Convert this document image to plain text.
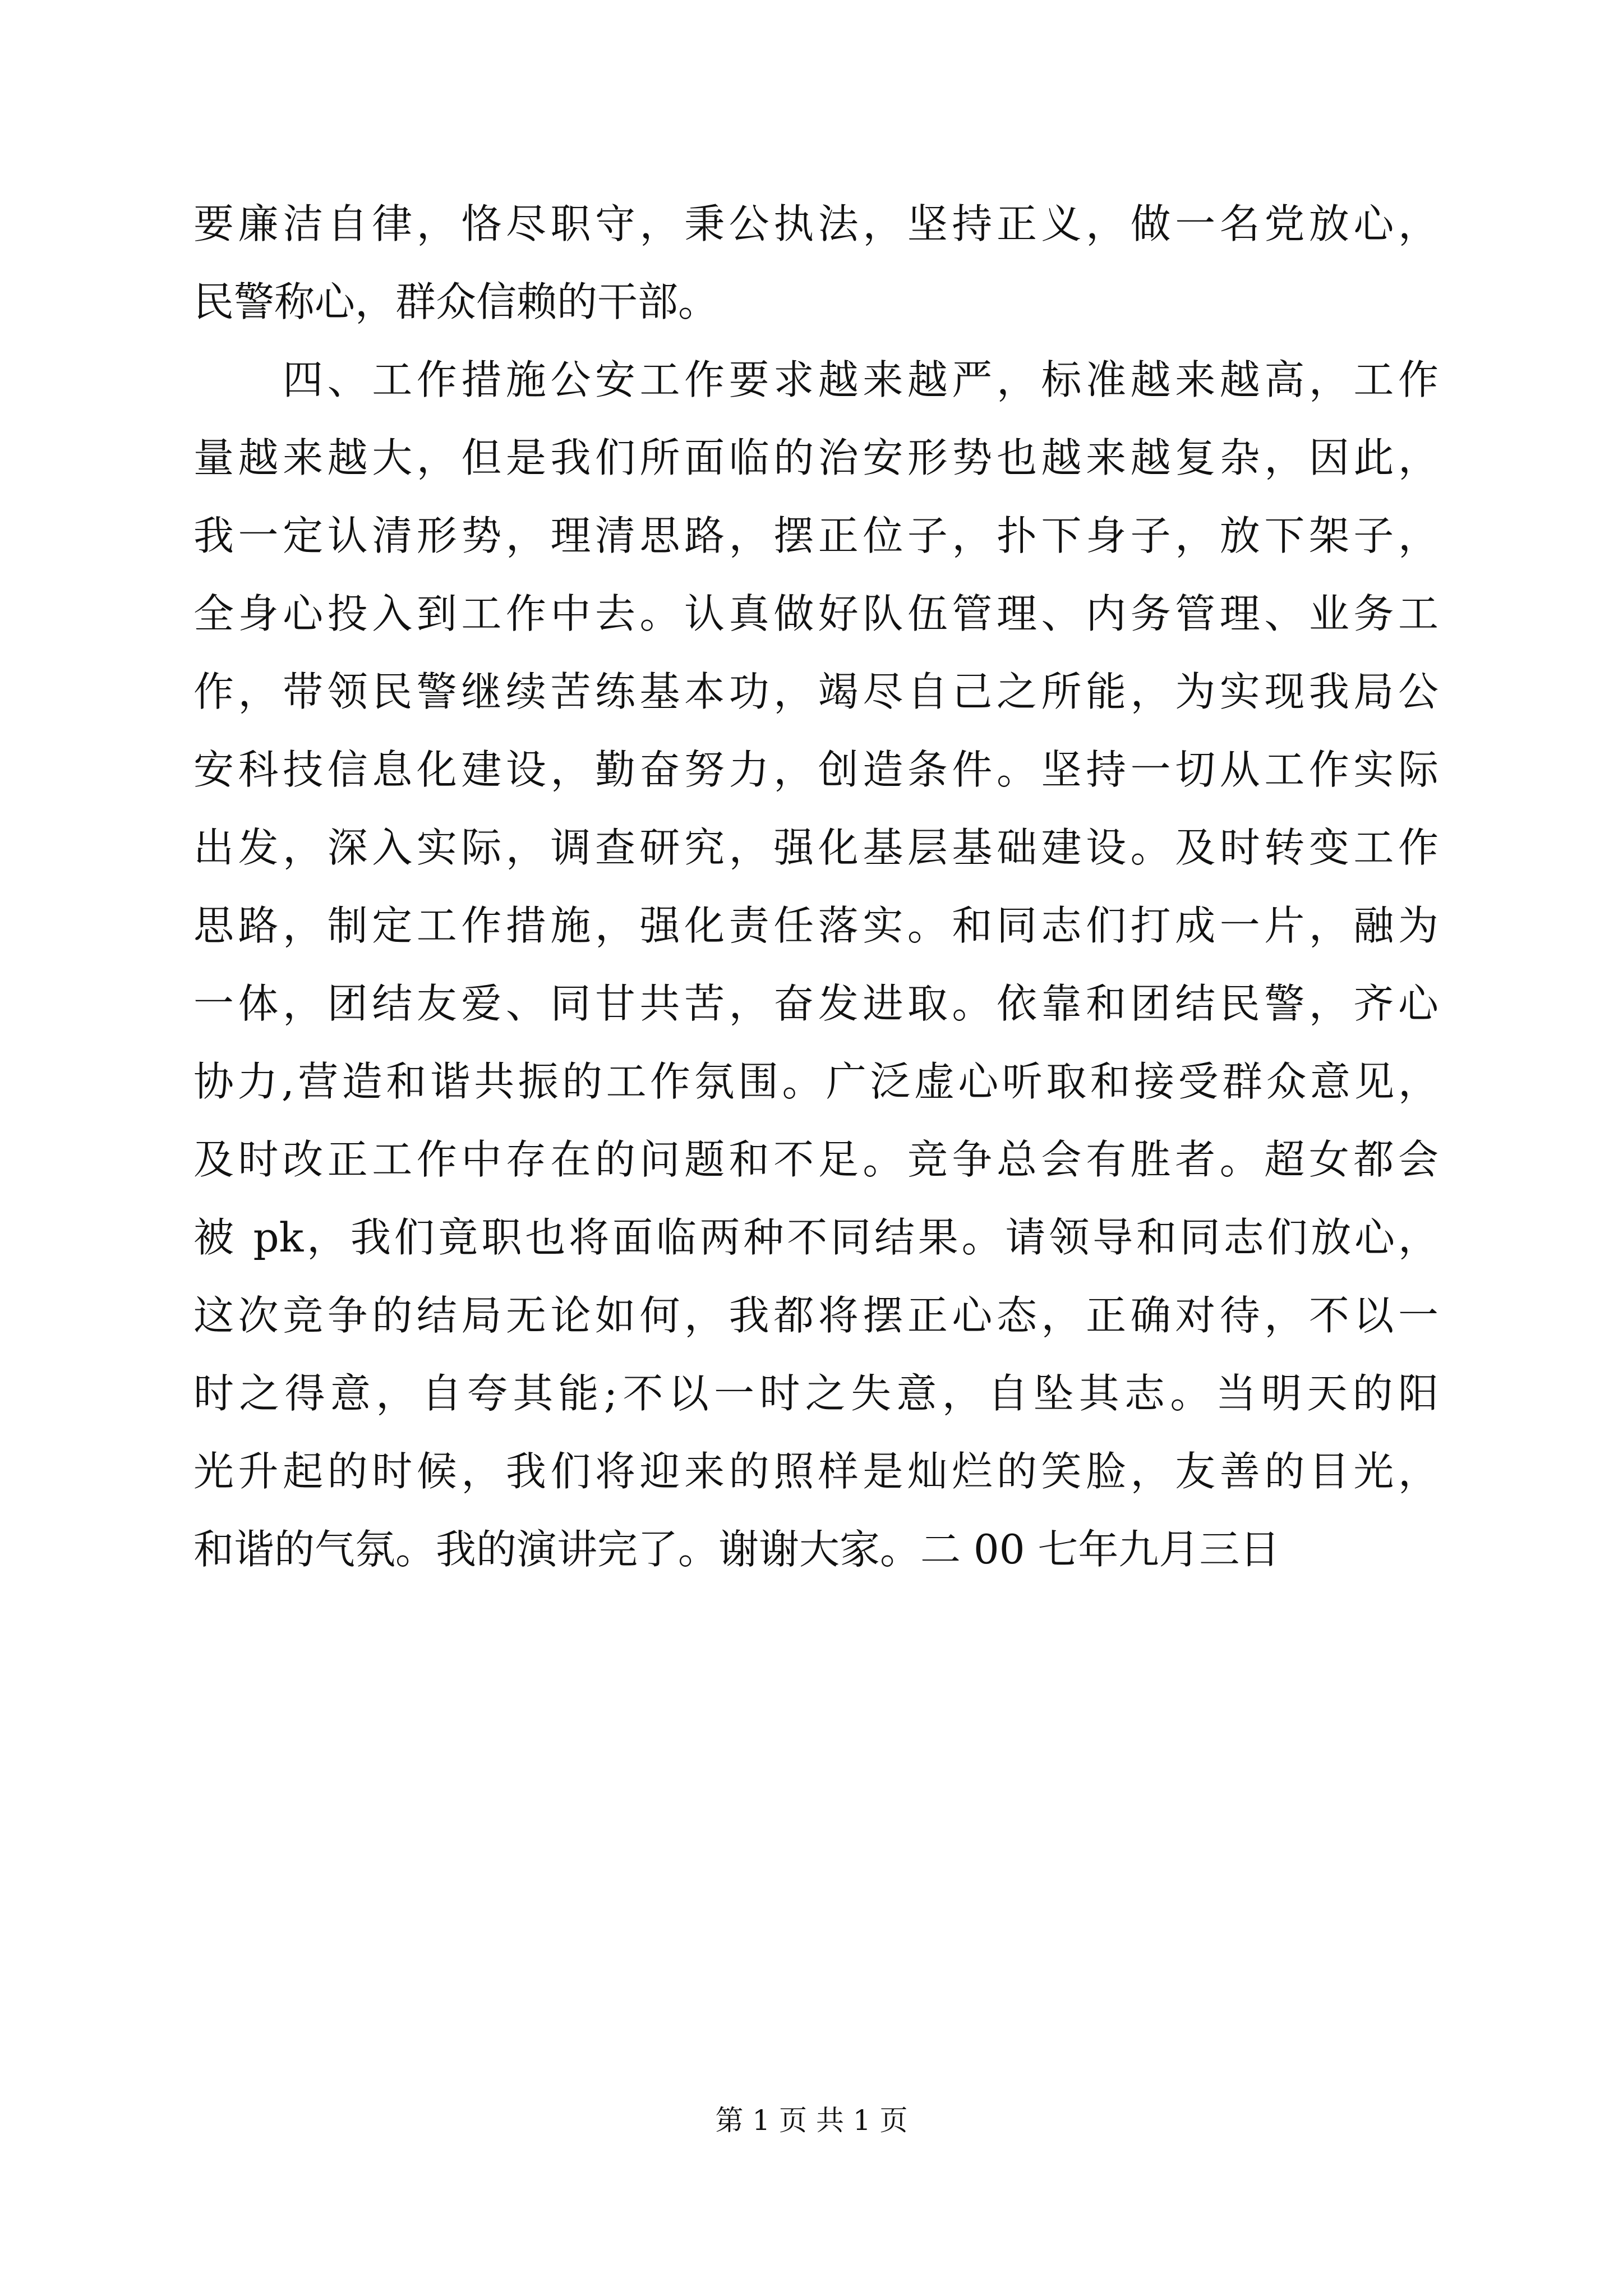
要廉洁自律，恪尽职守，秉公执法，坚持正义，做一名党放心，
民警称心，群众信赖的干部。
　　四、工作措施公安工作要求越来越严，标准越来越高，工作
量越来越大，但是我们所面临的治安形势也越来越复杂，因此，
我一定认清形势，理清思路，摆正位子，扑下身子，放下架子，
全身心投入到工作中去。认真做好队伍管理、内务管理、业务工
作，带领民警继续苦练基本功，竭尽自己之所能，为实现我局公
安科技信息化建设，勤奋努力，创造条件。坚持一切从工作实际
出发，深入实际，调查研究，强化基层基础建设。及时转变工作
思路，制定工作措施，强化责任落实。和同志们打成一片，融为
一体，团结友爱、同甘共苦，奋发进取。依靠和团结民警，齐心
协力,营造和谐共振的工作氛围。广泛虚心听取和接受群众意见，
及时改正工作中存在的问题和不足。竞争总会有胜者。超女都会
被 pk，我们竟职也将面临两种不同结果。请领导和同志们放心，
这次竞争的结局无论如何，我都将摆正心态，正确对待，不以一
时之得意，自夸其能;不以一时之失意，自坠其志。当明天的阳
光升起的时候，我们将迎来的照样是灿烂的笑脸，友善的目光，
和谐的气氛。我的演讲完了。谢谢大家。二 00 七年九月三日
第 1 页 共 1 页
